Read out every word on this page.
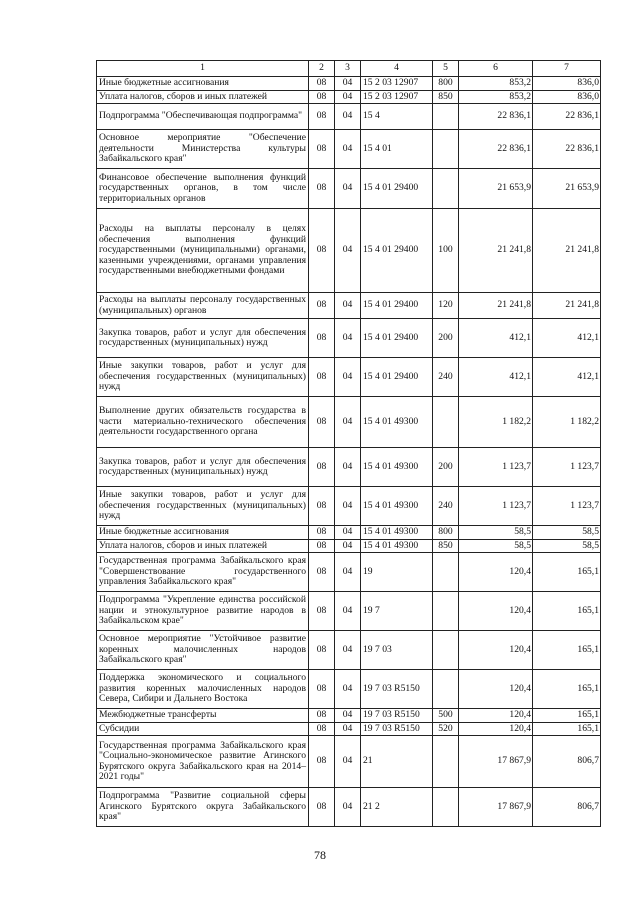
1	2	3	4	5	6	7
Иные бюджетные ассигнования	08	04	15 2 03 12907	800	853,2	836,0
Уплата налогов, сборов и иных платежей	08	04	15 2 03 12907	850	853,2	836,0
Подпрограмма "Обеспечивающая подпрограмма"	08	04	15 4		22 836,1	22 836,1
Основное мероприятие "Обеспечение деятельности Министерства культуры Забайкальского края"	08	04	15 4 01		22 836,1	22 836,1
Финансовое обеспечение выполнения функций государственных органов, в том числе территориальных органов	08	04	15 4 01 29400		21 653,9	21 653,9
Расходы на выплаты персоналу в целях обеспечения выполнения функций государственными (муниципальными) органами, казенными учреждениями, органами управления государственными внебюджетными фондами	08	04	15 4 01 29400	100	21 241,8	21 241,8
Расходы на выплаты персоналу государственных (муниципальных) органов	08	04	15 4 01 29400	120	21 241,8	21 241,8
Закупка товаров, работ и услуг для обеспечения государственных (муниципальных) нужд	08	04	15 4 01 29400	200	412,1	412,1
Иные закупки товаров, работ и услуг для обеспечения государственных (муниципальных) нужд	08	04	15 4 01 29400	240	412,1	412,1
Выполнение других обязательств государства в части материально-технического обеспечения деятельности государственного органа	08	04	15 4 01 49300		1 182,2	1 182,2
Закупка товаров, работ и услуг для обеспечения государственных (муниципальных) нужд	08	04	15 4 01 49300	200	1 123,7	1 123,7
Иные закупки товаров, работ и услуг для обеспечения государственных (муниципальных) нужд	08	04	15 4 01 49300	240	1 123,7	1 123,7
Иные бюджетные ассигнования	08	04	15 4 01 49300	800	58,5	58,5
Уплата налогов, сборов и иных платежей	08	04	15 4 01 49300	850	58,5	58,5
Государственная программа Забайкальского края "Совершенствование государственного управления Забайкальского края"	08	04	19		120,4	165,1
Подпрограмма "Укрепление единства российской нации и этнокультурное развитие народов в Забайкальском крае"	08	04	19 7		120,4	165,1
Основное мероприятие "Устойчивое развитие коренных малочисленных народов Забайкальского края"	08	04	19 7 03		120,4	165,1
Поддержка экономического и социального развития коренных малочисленных народов Севера, Сибири и Дальнего Востока	08	04	19 7 03 R5150		120,4	165,1
Межбюджетные трансферты	08	04	19 7 03 R5150	500	120,4	165,1
Субсидии	08	04	19 7 03 R5150	520	120,4	165,1
Государственная программа Забайкальского края "Социально-экономическое развитие Агинского Бурятского округа Забайкальского края на 2014–2021 годы"	08	04	21		17 867,9	806,7
Подпрограмма "Развитие социальной сферы Агинского Бурятского округа Забайкальского края"	08	04	21 2		17 867,9	806,7
78
